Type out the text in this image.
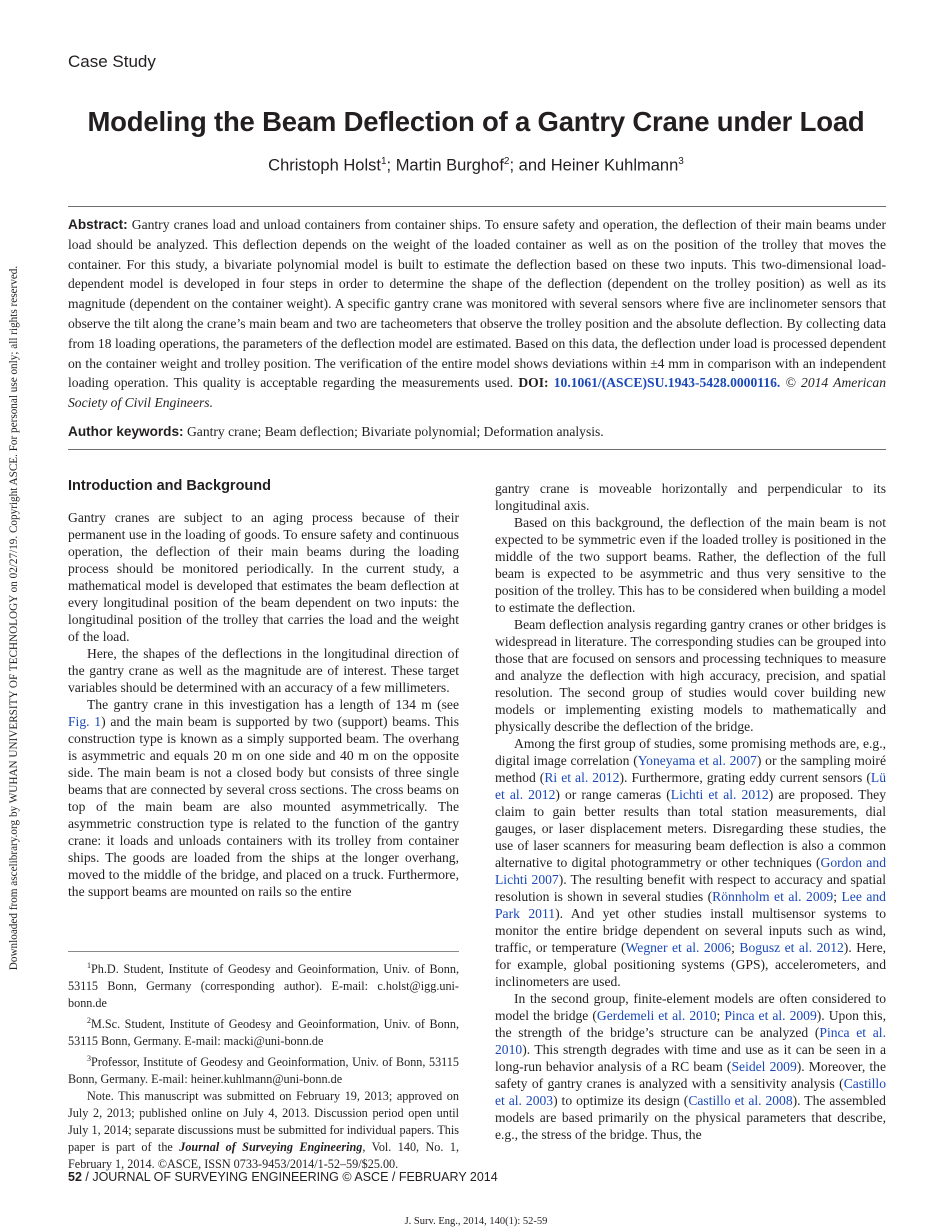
Case Study
Modeling the Beam Deflection of a Gantry Crane under Load
Christoph Holst$^1$; Martin Burghof$^2$; and Heiner Kuhlmann$^3$
Abstract: Gantry cranes load and unload containers from container ships. To ensure safety and operation, the deflection of their main beams under load should be analyzed. This deflection depends on the weight of the loaded container as well as on the position of the trolley that moves the container. For this study, a bivariate polynomial model is built to estimate the deflection based on these two inputs. This two-dimensional load-dependent model is developed in four steps in order to determine the shape of the deflection (dependent on the trolley position) as well as its magnitude (dependent on the container weight). A specific gantry crane was monitored with several sensors where five are inclinometer sensors that observe the tilt along the crane’s main beam and two are tacheometers that observe the trolley position and the absolute deflection. By collecting data from 18 loading operations, the parameters of the deflection model are estimated. Based on this data, the deflection under load is processed dependent on the container weight and trolley position. The verification of the entire model shows deviations within ±4 mm in comparison with an independent loading operation. This quality is acceptable regarding the measurements used. DOI: 10.1061/(ASCE)SU.1943-5428.0000116. © 2014 American Society of Civil Engineers.
Author keywords: Gantry crane; Beam deflection; Bivariate polynomial; Deformation analysis.
Introduction and Background

Gantry cranes are subject to an aging process because of their permanent use in the loading of goods. To ensure safety and continuous operation, the deflection of their main beams during the loading process should be monitored periodically. In the current study, a mathematical model is developed that estimates the beam deflection at every longitudinal position of the beam dependent on two inputs: the longitudinal position of the trolley that carries the load and the weight of the load.

Here, the shapes of the deflections in the longitudinal direction of the gantry crane as well as the magnitude are of interest. These target variables should be determined with an accuracy of a few millimeters.

The gantry crane in this investigation has a length of 134 m (see Fig. 1) and the main beam is supported by two (support) beams. This construction type is known as a simply supported beam. The overhang is asymmetric and equals 20 m on one side and 40 m on the opposite side. The main beam is not a closed body but consists of three single beams that are connected by several cross sections. The cross beams on top of the main beam are also mounted asymmetrically. The asymmetric construction type is related to the function of the gantry crane: it loads and unloads containers with its trolley from container ships. The goods are loaded from the ships at the longer overhang, moved to the middle of the bridge, and placed on a truck. Furthermore, the support beams are mounted on rails so the entire

gantry crane is moveable horizontally and perpendicular to its longitudinal axis.

Based on this background, the deflection of the main beam is not expected to be symmetric even if the loaded trolley is positioned in the middle of the two support beams. Rather, the deflection of the full beam is expected to be asymmetric and thus very sensitive to the position of the trolley. This has to be considered when building a model to estimate the deflection.

Beam deflection analysis regarding gantry cranes or other bridges is widespread in literature. The corresponding studies can be grouped into those that are focused on sensors and processing techniques to measure and analyze the deflection with high accuracy, precision, and spatial resolution. The second group of studies would cover building new models or implementing existing models to mathematically and physically describe the deflection of the bridge.

Among the first group of studies, some promising methods are, e.g., digital image correlation (Yoneyama et al. 2007) or the sampling moiré method (Ri et al. 2012). Furthermore, grating eddy current sensors (Lü et al. 2012) or range cameras (Lichti et al. 2012) are proposed. They claim to gain better results than total station measurements, dial gauges, or laser displacement meters. Disregarding these studies, the use of laser scanners for measuring beam deflection is also a common alternative to digital photogrammetry or other techniques (Gordon and Lichti 2007). The resulting benefit with respect to accuracy and spatial resolution is shown in several studies (Rönnholm et al. 2009; Lee and Park 2011). And yet other studies install multisensor systems to monitor the entire bridge dependent on several inputs such as wind, traffic, or temperature (Wegner et al. 2006; Bogusz et al. 2012). Here, for example, global positioning systems (GPS), accelerometers, and inclinometers are used.

In the second group, finite-element models are often considered to model the bridge (Gerdemeli et al. 2010; Pinca et al. 2009). Upon this, the strength of the bridge’s structure can be analyzed (Pinca et al. 2010). This strength degrades with time and use as it can be seen in a long-run behavior analysis of a RC beam (Seidel 2009). Moreover, the safety of gantry cranes is analyzed with a sensitivity analysis (Castillo et al. 2003) to optimize its design (Castillo et al. 2008). The assembled models are based primarily on the physical parameters that describe, e.g., the stress of the bridge. Thus, the

$^1$Ph.D. Student, Institute of Geodesy and Geoinformation, Univ. of Bonn, 53115 Bonn, Germany (corresponding author). E-mail: c.holst@igg.uni-bonn.de

$^2$M.Sc. Student, Institute of Geodesy and Geoinformation, Univ. of Bonn, 53115 Bonn, Germany. E-mail: macki@uni-bonn.de

$^3$Professor, Institute of Geodesy and Geoinformation, Univ. of Bonn, 53115 Bonn, Germany. E-mail: heiner.kuhlmann@uni-bonn.de

Note. This manuscript was submitted on February 19, 2013; approved on July 2, 2013; published online on July 4, 2013. Discussion period open until July 1, 2014; separate discussions must be submitted for individual papers. This paper is part of the Journal of Surveying Engineering, Vol. 140, No. 1, February 1, 2014. ©ASCE, ISSN 0733-9453/2014/1-52–59/$25.00.

52 / JOURNAL OF SURVEYING ENGINEERING © ASCE / FEBRUARY 2014
J. Surv. Eng., 2014, 140(1): 52-59
Downloaded from ascelibrary.org by WUHAN UNIVERSITY OF TECHNOLOGY on 02/27/19. Copyright ASCE. For personal use only; all rights reserved.
